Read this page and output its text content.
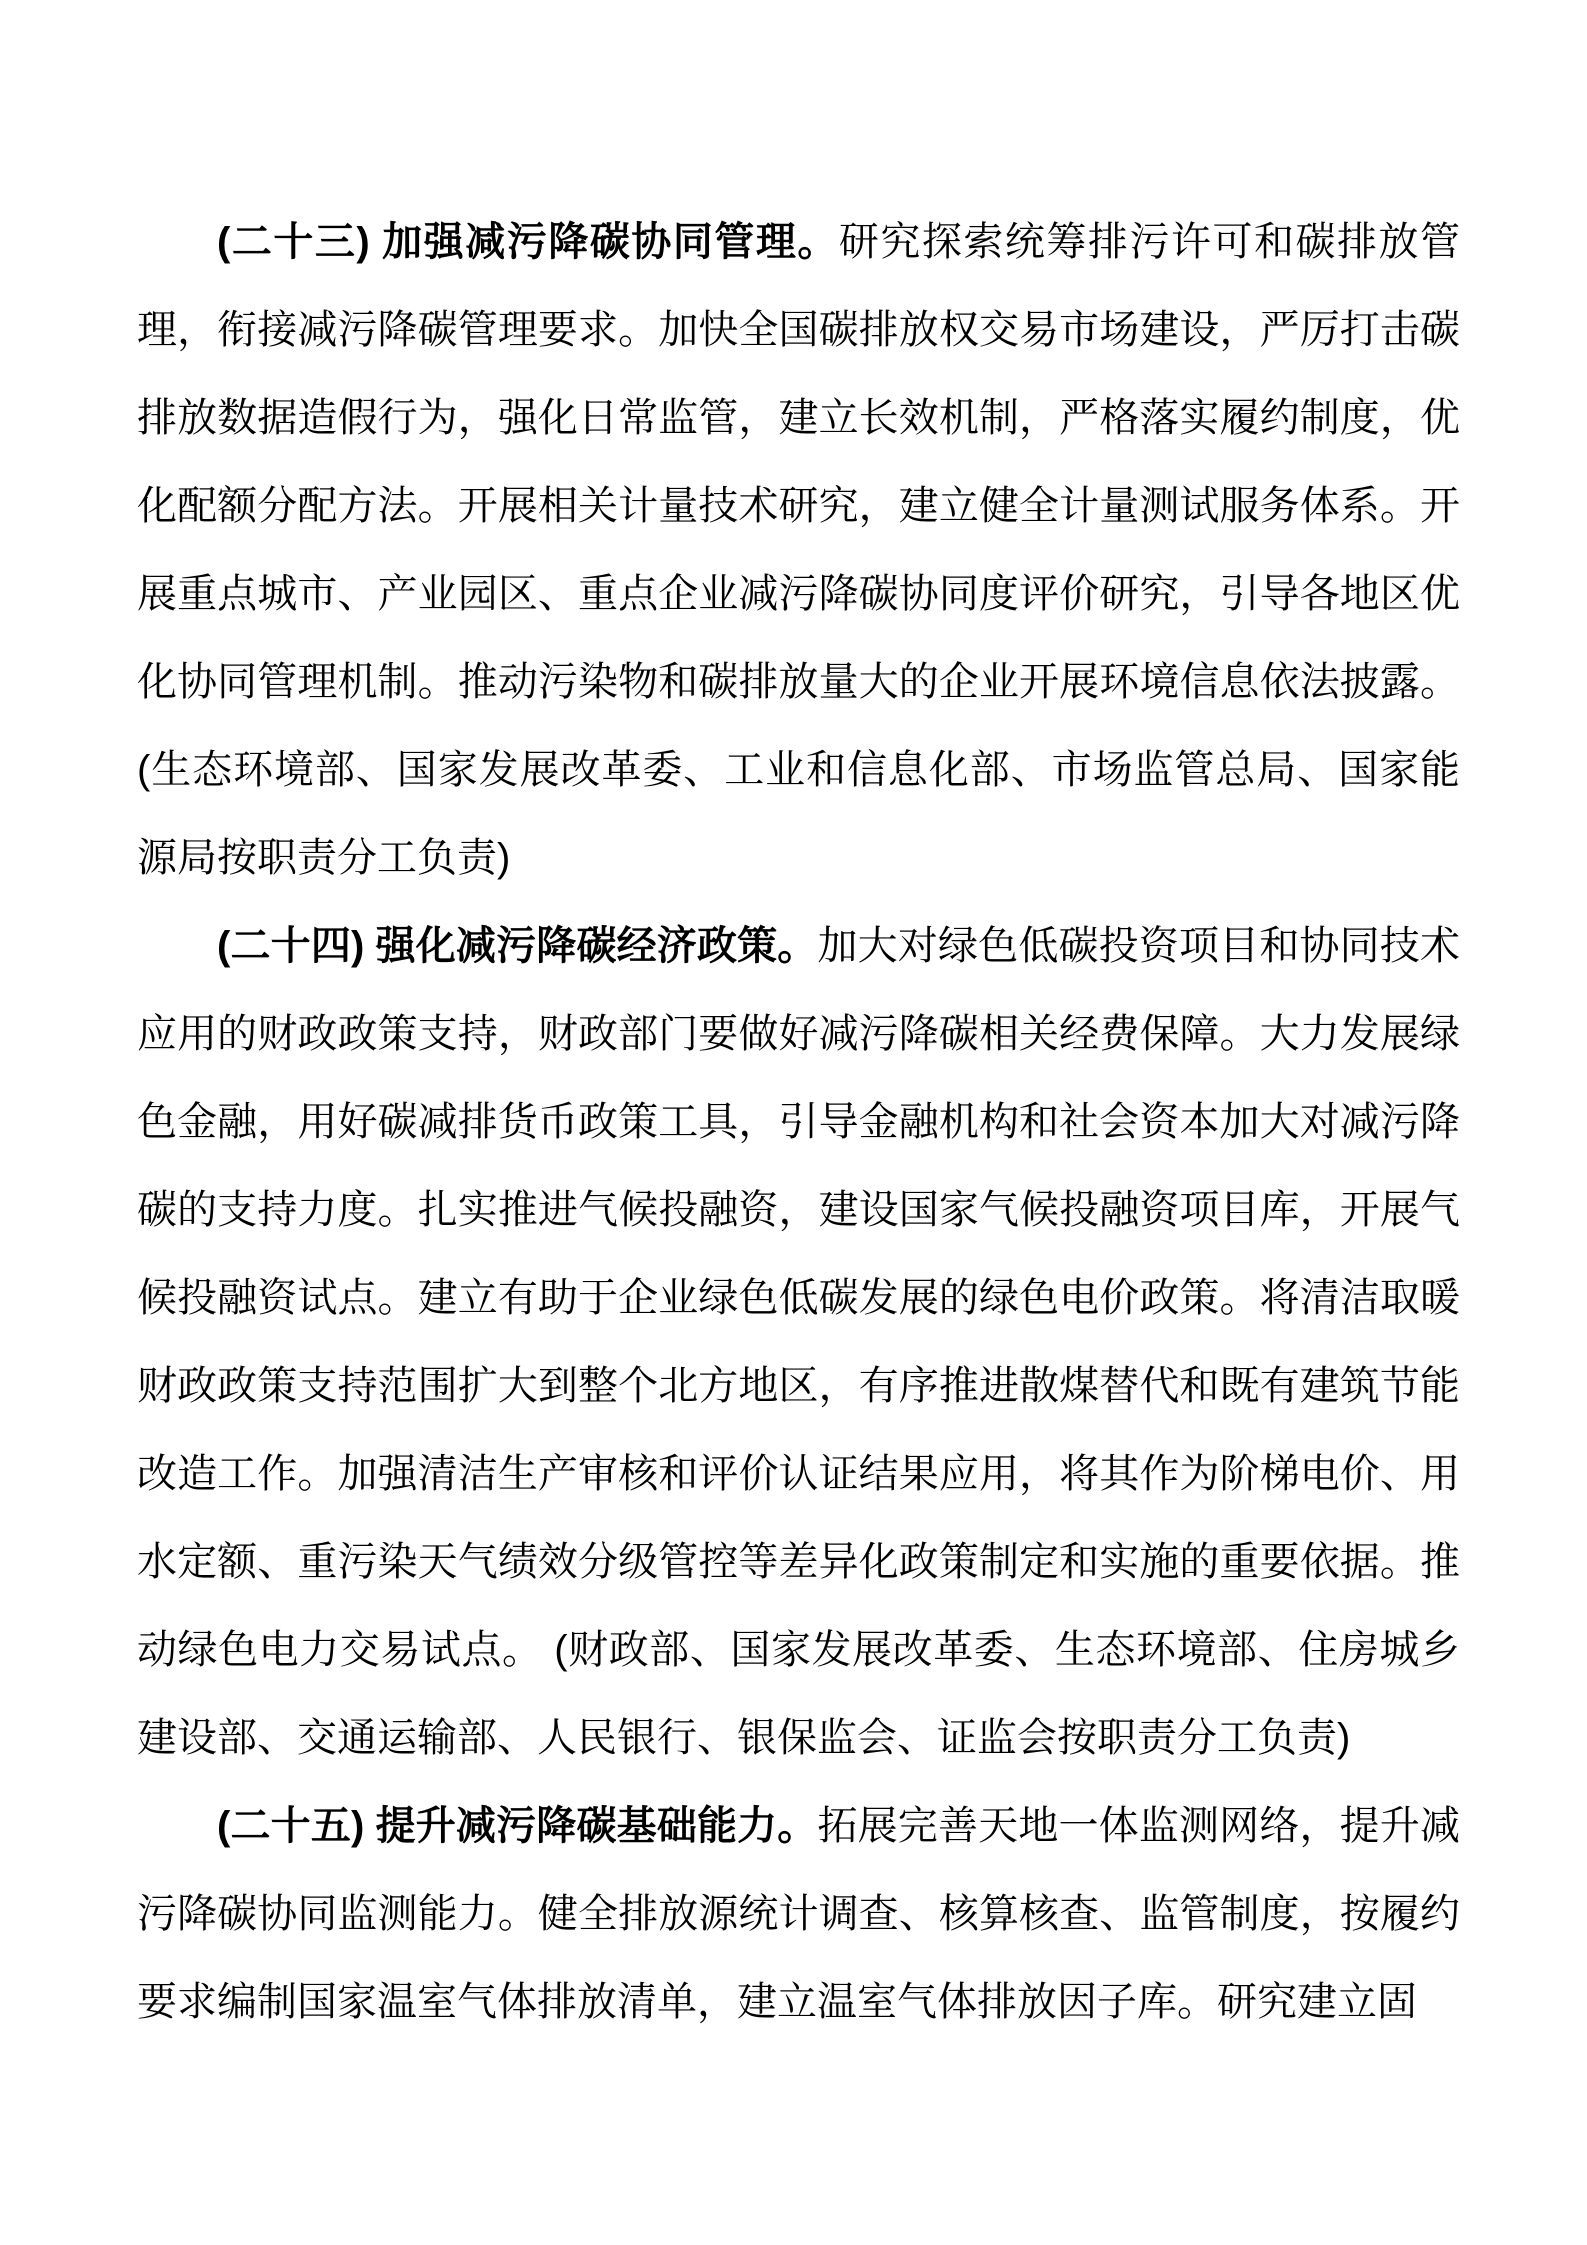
(二十三) 加强减污降碳协同管理。研究探索统筹排污许可和碳排放管理，衔接减污降碳管理要求。加快全国碳排放权交易市场建设，严厉打击碳排放数据造假行为，强化日常监管，建立长效机制，严格落实履约制度，优化配额分配方法。开展相关计量技术研究，建立健全计量测试服务体系。开展重点城市、产业园区、重点企业减污降碳协同度评价研究，引导各地区优化协同管理机制。推动污染物和碳排放量大的企业开展环境信息依法披露。 (生态环境部、国家发展改革委、工业和信息化部、市场监管总局、国家能源局按职责分工负责)

(二十四) 强化减污降碳经济政策。加大对绿色低碳投资项目和协同技术应用的财政政策支持，财政部门要做好减污降碳相关经费保障。大力发展绿色金融，用好碳减排货币政策工具，引导金融机构和社会资本加大对减污降碳的支持力度。扎实推进气候投融资，建设国家气候投融资项目库，开展气候投融资试点。建立有助于企业绿色低碳发展的绿色电价政策。将清洁取暖财政政策支持范围扩大到整个北方地区，有序推进散煤替代和既有建筑节能改造工作。加强清洁生产审核和评价认证结果应用，将其作为阶梯电价、用水定额、重污染天气绩效分级管控等差异化政策制定和实施的重要依据。推动绿色电力交易试点。 (财政部、国家发展改革委、生态环境部、住房城乡建设部、交通运输部、人民银行、银保监会、证监会按职责分工负责)

(二十五) 提升减污降碳基础能力。拓展完善天地一体监测网络，提升减污降碳协同监测能力。健全排放源统计调查、核算核查、监管制度，按履约要求编制国家温室气体排放清单，建立温室气体排放因子库。研究建立固
